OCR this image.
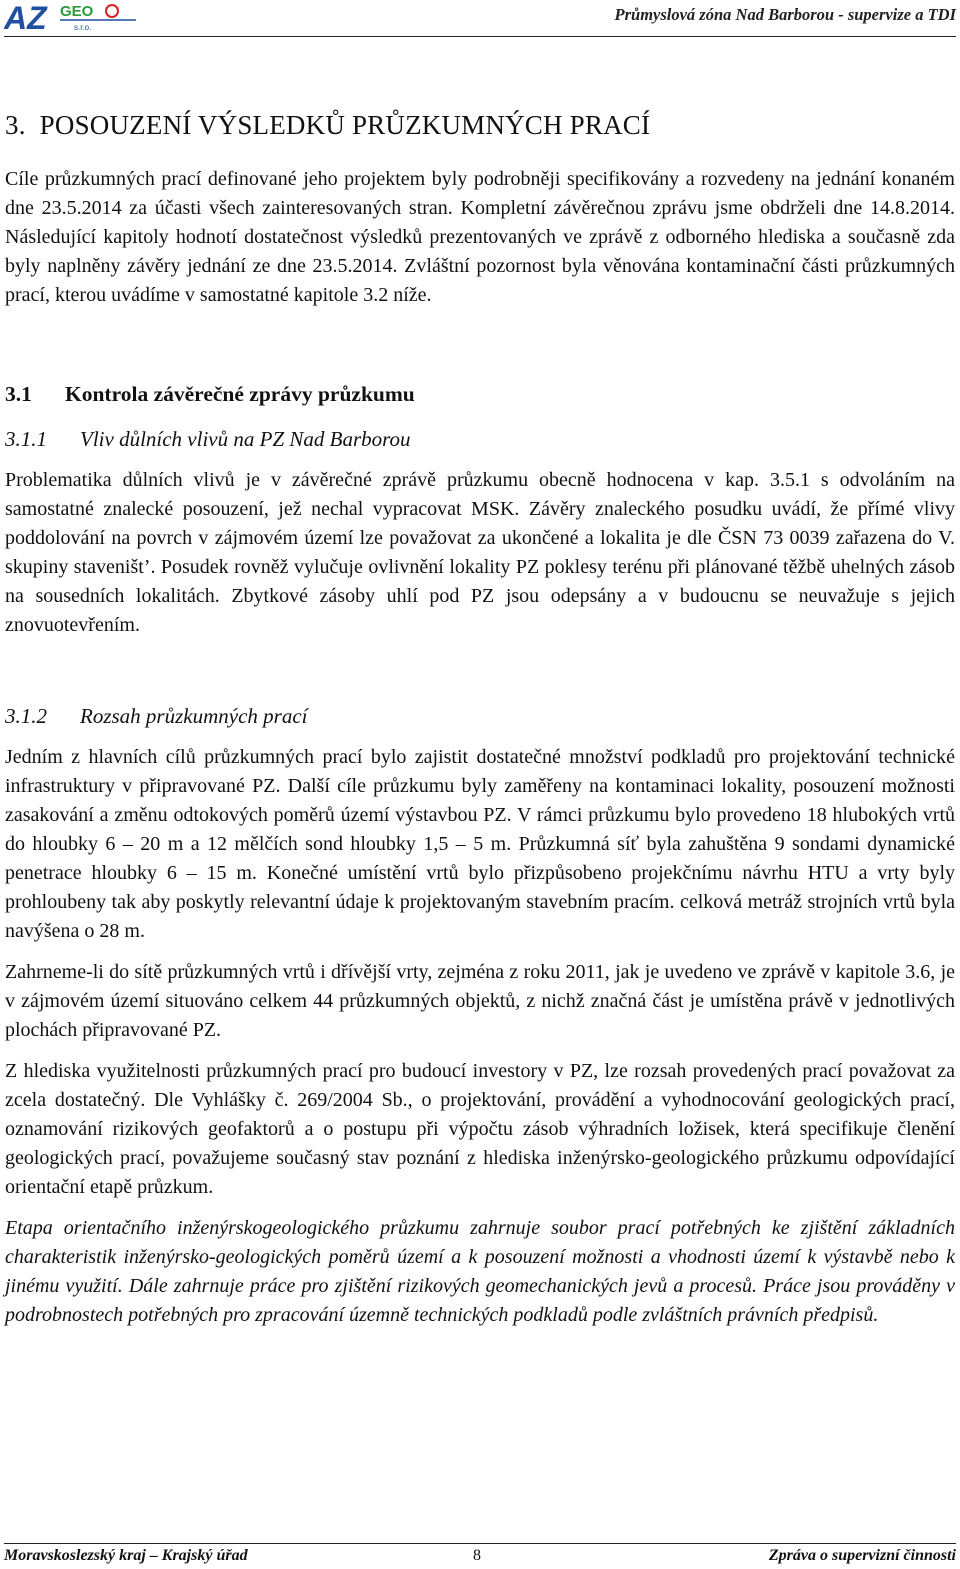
AZ GEO
s.r.o.
Průmyslová zóna Nad Barborou - supervize a TDI
3. POSOUZENÍ VÝSLEDKŮ PRŮZKUMNÝCH PRACÍ

Cíle průzkumných prací definované jeho projektem byly podrobněji specifikovány a rozvedeny na jednání konaném dne 23.5.2014 za účasti všech zainteresovaných stran. Kompletní závěrečnou zprávu jsme obdrželi dne 14.8.2014. Následující kapitoly hodnotí dostatečnost výsledků prezentovaných ve zprávě z odborného hlediska a současně zda byly naplněny závěry jednání ze dne 23.5.2014. Zvláštní pozornost byla věnována kontaminační části průzkumných prací, kterou uvádíme v samostatné kapitole 3.2 níže.

3.1 Kontrola závěrečné zprávy průzkumu
3.1.1 Vliv důlních vlivů na PZ Nad Barborou

Problematika důlních vlivů je v závěrečné zprávě průzkumu obecně hodnocena v kap. 3.5.1 s odvoláním na samostatné znalecké posouzení, jež nechal vypracovat MSK. Závěry znaleckého posudku uvádí, že přímé vlivy poddolování na povrch v zájmovém území lze považovat za ukončené a lokalita je dle ČSN 73 0039 zařazena do V. skupiny staveništ’. Posudek rovněž vylučuje ovlivnění lokality PZ poklesy terénu při plánované těžbě uhelných zásob na sousedních lokalitách. Zbytkové zásoby uhlí pod PZ jsou odepsány a v budoucnu se neuvažuje s jejich znovuotevřením.

3.1.2 Rozsah průzkumných prací

Jedním z hlavních cílů průzkumných prací bylo zajistit dostatečné množství podkladů pro projektování technické infrastruktury v připravované PZ. Další cíle průzkumu byly zaměřeny na kontaminaci lokality, posouzení možnosti zasakování a změnu odtokových poměrů území výstavbou PZ. V rámci průzkumu bylo provedeno 18 hlubokých vrtů do hloubky 6 – 20 m a 12 mělčích sond hloubky 1,5 – 5 m. Průzkumná síť byla zahuštěna 9 sondami dynamické penetrace hloubky 6 – 15 m. Konečné umístění vrtů bylo přizpůsobeno projekčnímu návrhu HTU a vrty byly prohloubeny tak aby poskytly relevantní údaje k projektovaným stavebním pracím. celková metráž strojních vrtů byla navýšena o 28 m.

Zahrneme-li do sítě průzkumných vrtů i dřívější vrty, zejména z roku 2011, jak je uvedeno ve zprávě v kapitole 3.6, je v zájmovém území situováno celkem 44 průzkumných objektů, z nichž značná část je umístěna právě v jednotlivých plochách připravované PZ.

Z hlediska využitelnosti průzkumných prací pro budoucí investory v PZ, lze rozsah provedených prací považovat za zcela dostatečný. Dle Vyhlášky č. 269/2004 Sb., o projektování, provádění a vyhodnocování geologických prací, oznamování rizikových geofaktorů a o postupu při výpočtu zásob výhradních ložisek, která specifikuje členění geologických prací, považujeme současný stav poznání z hlediska inženýrsko-geologického průzkumu odpovídající orientační etapě průzkum.

Etapa orientačního inženýrskogeologického průzkumu zahrnuje soubor prací potřebných ke zjištění základních charakteristik inženýrsko-geologických poměrů území a k posouzení možnosti a vhodnosti území k výstavbě nebo k jinému využití. Dále zahrnuje práce pro zjištění rizikových geomechanických jevů a procesů. Práce jsou prováděny v podrobnostech potřebných pro zpracování územně technických podkladů podle zvláštních právních předpisů.

Moravskoslezský kraj – Krajský úřad	8	Zpráva o supervizní činnosti
